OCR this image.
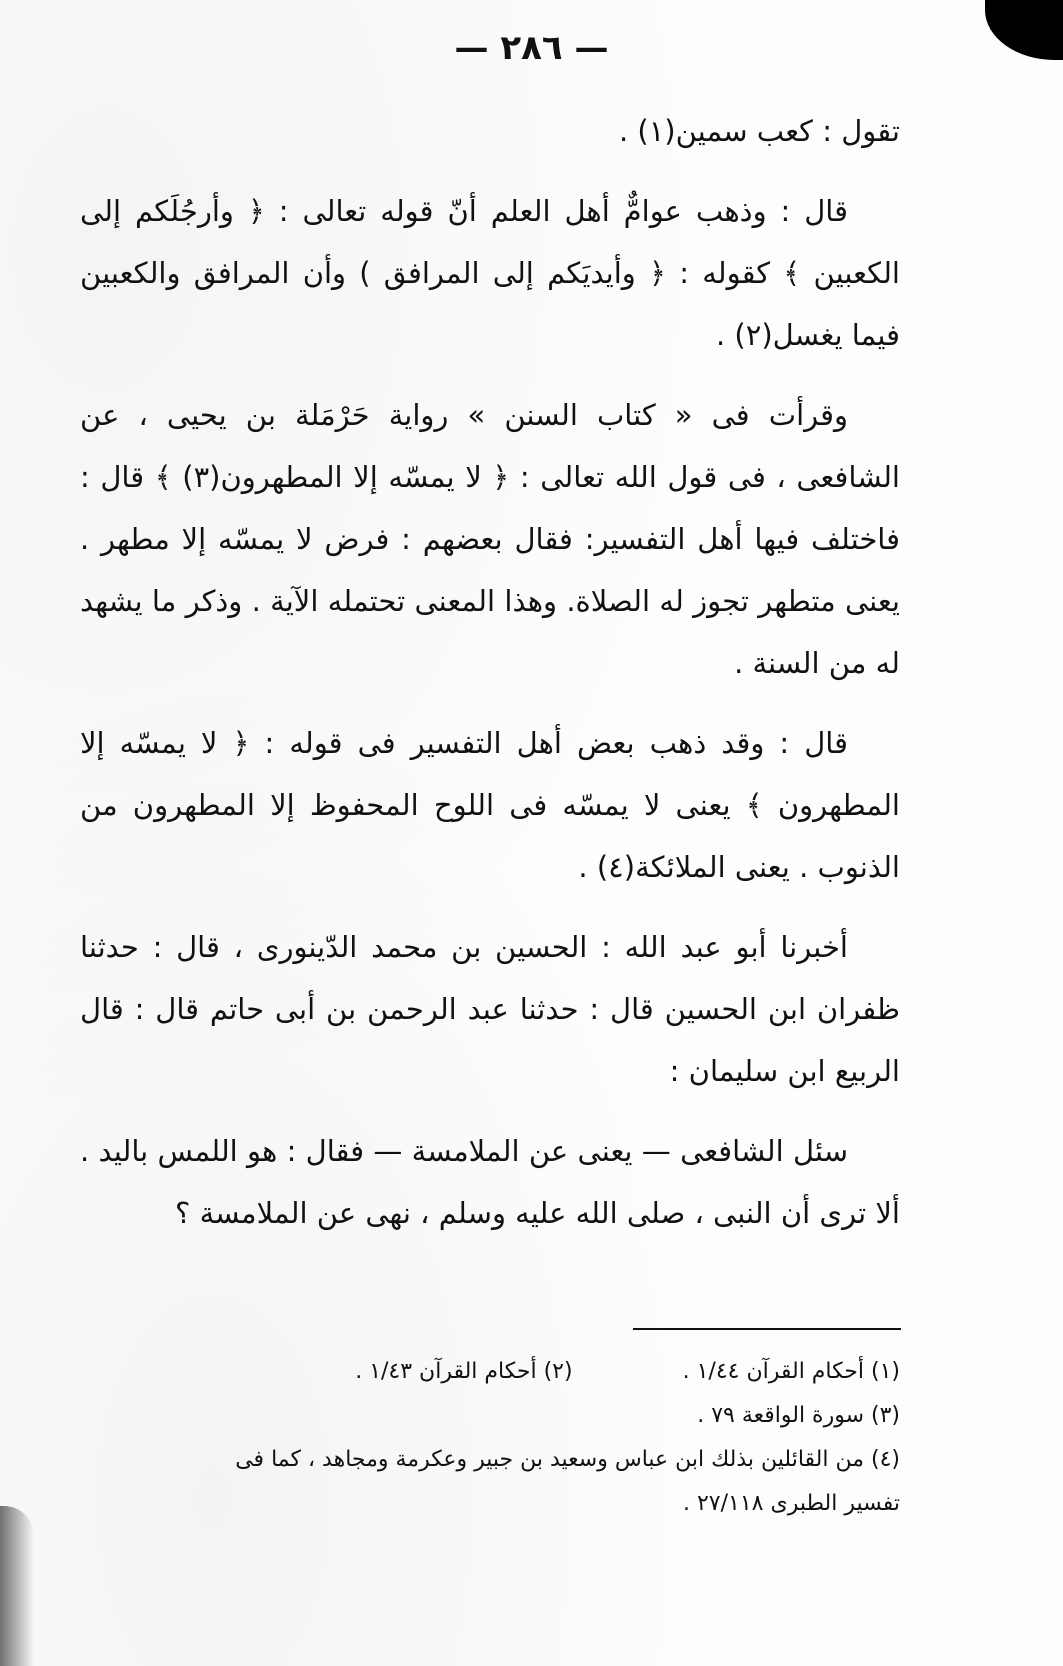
— ٢٨٦ —

تقول : كعب سمين(١) .

قال : وذهب عوامٌّ أهل العلم أنّ قوله تعالى : ﴿ وأرجُلَكم إلى الكعبين ﴾ كقوله : ﴿ وأيديَكم إلى المرافق ) وأن المرافق والكعبين فيما يغسل(٢) .

وقرأت فى « كتاب السنن » رواية حَرْمَلة بن يحيى ، عن الشافعى ، فى قول الله تعالى : ﴿ لا يمسّه إلا المطهرون(٣) ﴾ قال : فاختلف فيها أهل التفسير: فقال بعضهم : فرض لا يمسّه إلا مطهر . يعنى متطهر تجوز له الصلاة. وهذا المعنى تحتمله الآية . وذكر ما يشهد له من السنة .

قال : وقد ذهب بعض أهل التفسير فى قوله : ﴿ لا يمسّه إلا المطهرون ﴾ يعنى لا يمسّه فى اللوح المحفوظ إلا المطهرون من الذنوب . يعنى الملائكة(٤) .

أخبرنا أبو عبد الله : الحسين بن محمد الدّينورى ، قال : حدثنا ظفران ابن الحسين قال : حدثنا عبد الرحمن بن أبى حاتم قال : قال الربيع ابن سليمان :

سئل الشافعى — يعنى عن الملامسة — فقال : هو اللمس باليد . ألا ترى أن النبى ، صلى الله عليه وسلم ، نهى عن الملامسة ؟

(١) أحكام القرآن ١/٤٤ .
(٢) أحكام القرآن ١/٤٣ .
(٣) سورة الواقعة ٧٩ .
(٤) من القائلين بذلك ابن عباس وسعيد بن جبير وعكرمة ومجاهد ، كما فى تفسير الطبرى ٢٧/١١٨ .
